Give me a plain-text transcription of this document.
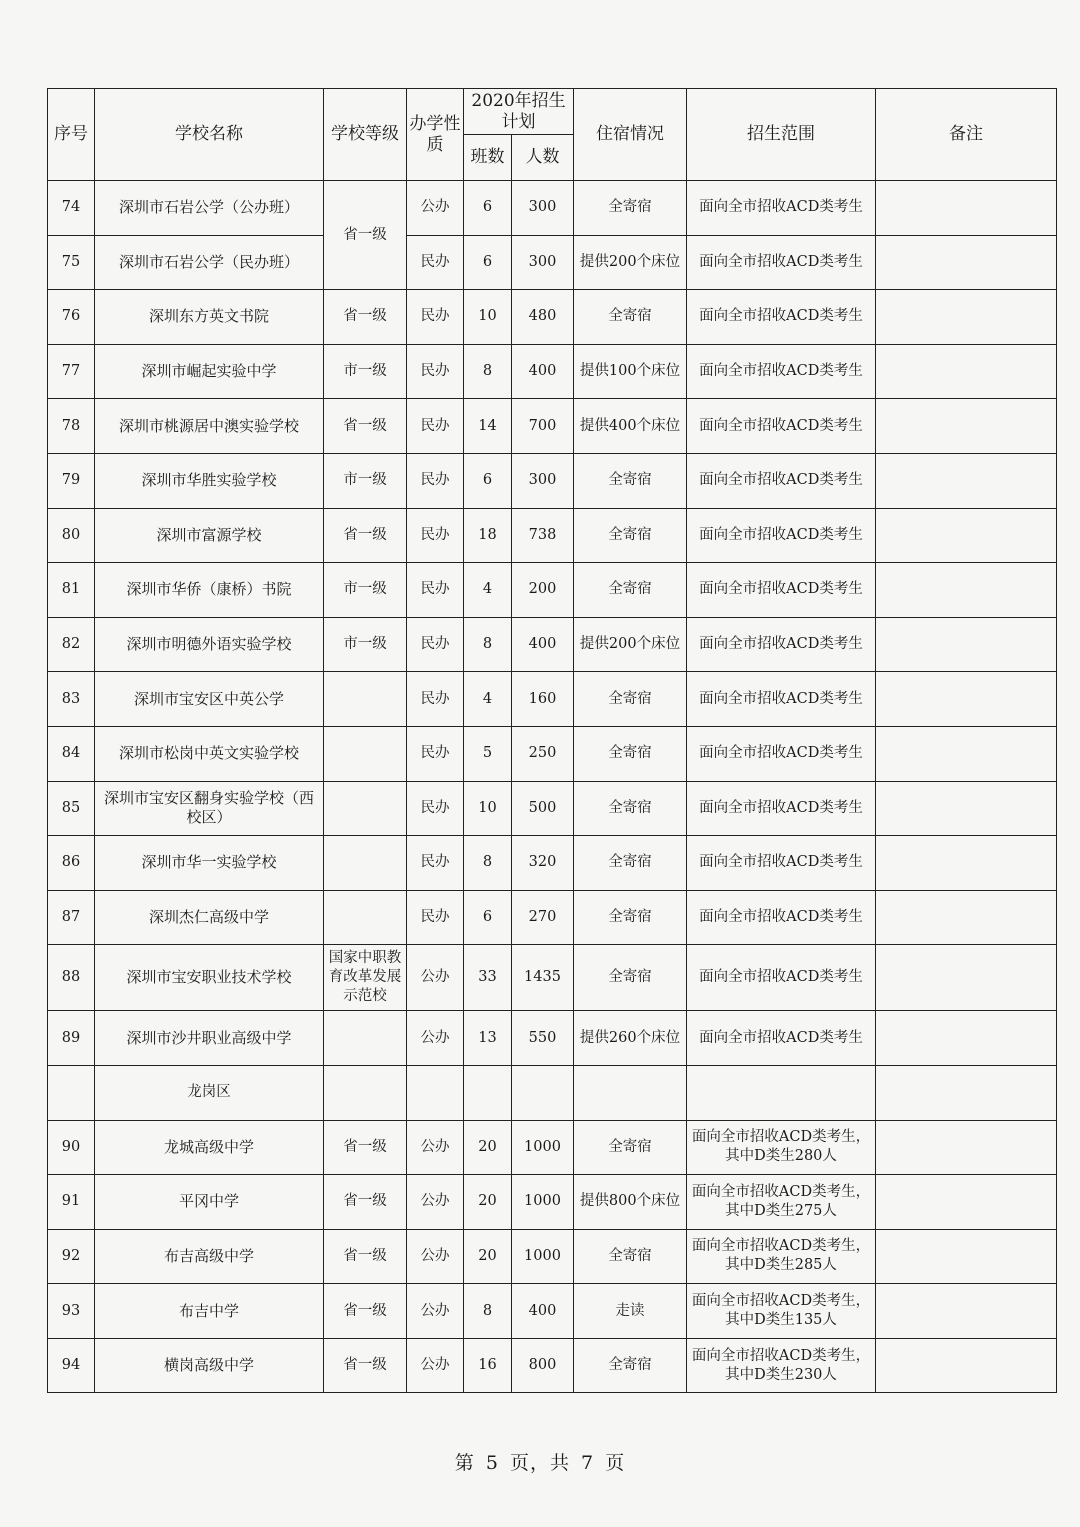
序号	学校名称	学校等级	办学性质	2020年招生计划		住宿情况	招生范围	备注
				班数	人数			
74	深圳市石岩公学（公办班）	省一级	公办	6	300	全寄宿	面向全市招收ACD类考生	
75	深圳市石岩公学（民办班）		民办	6	300	提供200个床位	面向全市招收ACD类考生	
76	深圳东方英文书院	省一级	民办	10	480	全寄宿	面向全市招收ACD类考生	
77	深圳市崛起实验中学	市一级	民办	8	400	提供100个床位	面向全市招收ACD类考生	
78	深圳市桃源居中澳实验学校	省一级	民办	14	700	提供400个床位	面向全市招收ACD类考生	
79	深圳市华胜实验学校	市一级	民办	6	300	全寄宿	面向全市招收ACD类考生	
80	深圳市富源学校	省一级	民办	18	738	全寄宿	面向全市招收ACD类考生	
81	深圳市华侨（康桥）书院	市一级	民办	4	200	全寄宿	面向全市招收ACD类考生	
82	深圳市明德外语实验学校	市一级	民办	8	400	提供200个床位	面向全市招收ACD类考生	
83	深圳市宝安区中英公学		民办	4	160	全寄宿	面向全市招收ACD类考生	
84	深圳市松岗中英文实验学校		民办	5	250	全寄宿	面向全市招收ACD类考生	
85	深圳市宝安区翻身实验学校（西校区）		民办	10	500	全寄宿	面向全市招收ACD类考生	
86	深圳市华一实验学校		民办	8	320	全寄宿	面向全市招收ACD类考生	
87	深圳杰仁高级中学		民办	6	270	全寄宿	面向全市招收ACD类考生	
88	深圳市宝安职业技术学校	国家中职教育改革发展示范校	公办	33	1435	全寄宿	面向全市招收ACD类考生	
89	深圳市沙井职业高级中学		公办	13	550	提供260个床位	面向全市招收ACD类考生	
	龙岗区							
90	龙城高级中学	省一级	公办	20	1000	全寄宿	面向全市招收ACD类考生，其中D类生280人	
91	平冈中学	省一级	公办	20	1000	提供800个床位	面向全市招收ACD类考生，其中D类生275人	
92	布吉高级中学	省一级	公办	20	1000	全寄宿	面向全市招收ACD类考生，其中D类生285人	
93	布吉中学	省一级	公办	8	400	走读	面向全市招收ACD类考生，其中D类生135人	
94	横岗高级中学	省一级	公办	16	800	全寄宿	面向全市招收ACD类考生，其中D类生230人	
第 5 页，共 7 页
